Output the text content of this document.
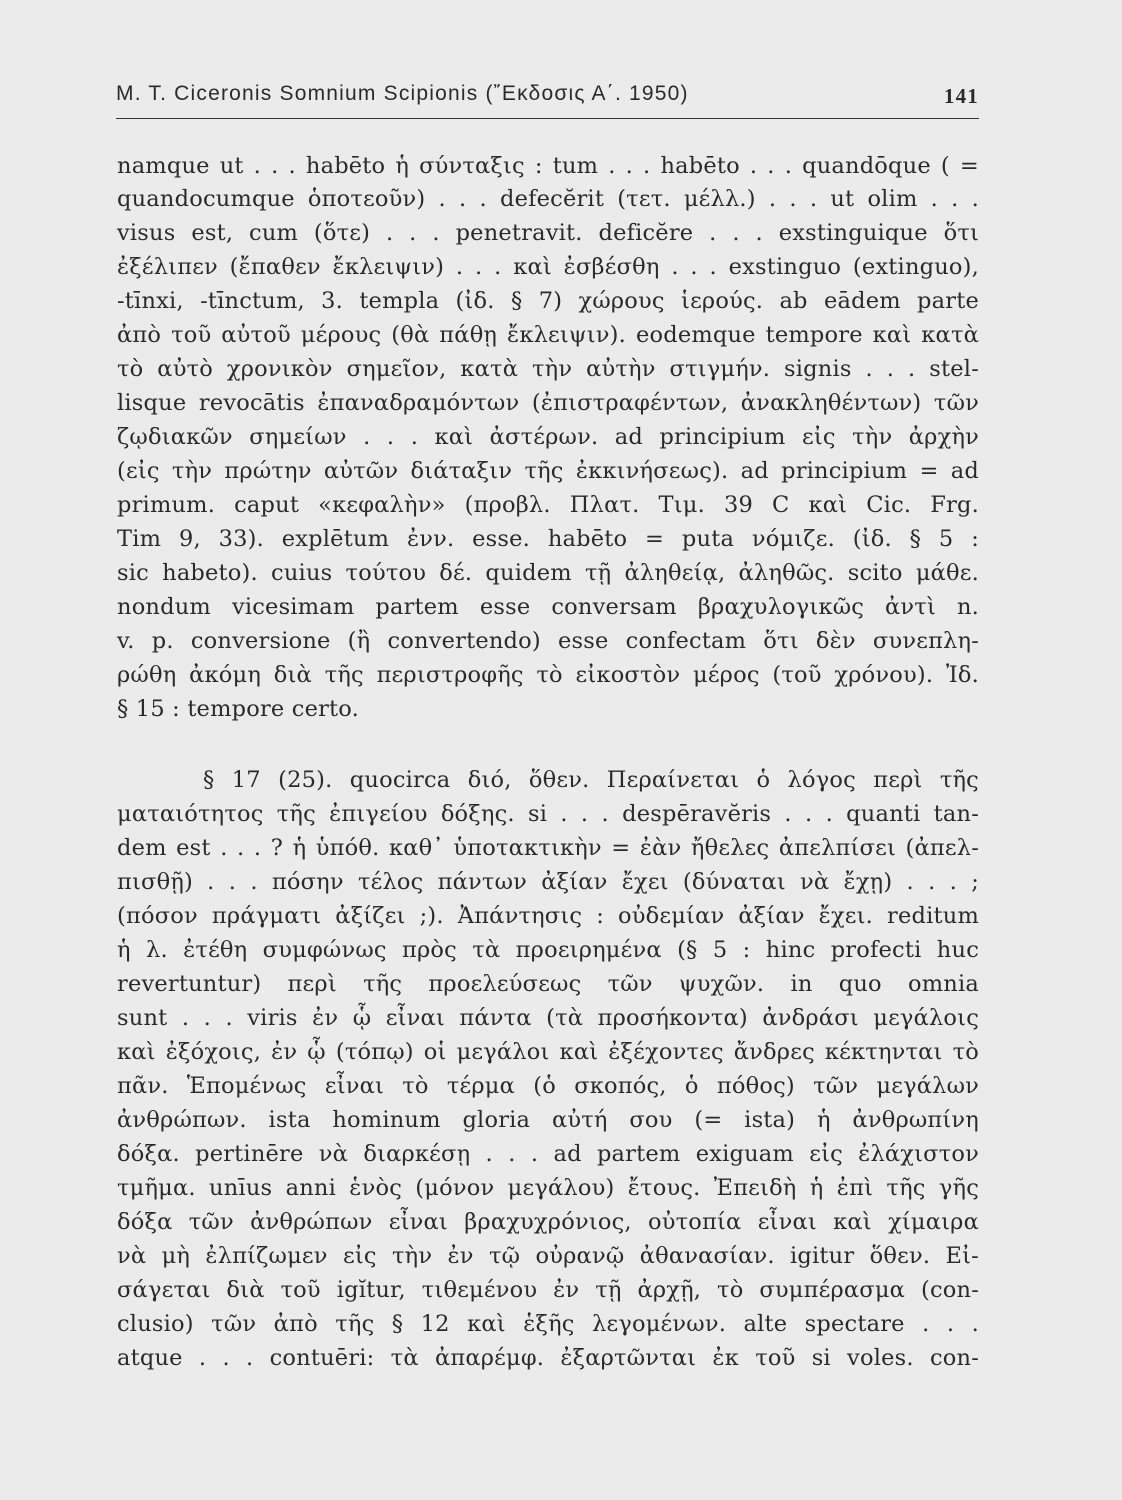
M. T. Ciceronis Somnium Scipionis (῎Εκδοσις Α΄. 1950)	141
namque ut . . . habēto ἡ σύνταξις : tum . . . habēto . . . quandōque ( =
quandocumque ὁποτεοῦν) . . . defecĕrit (τετ. μέλλ.) . . . ut olim . . .
visus est, cum (ὅτε) . . . penetravit. deficĕre . . . exstinguique ὅτι
ἐξέλιπεν (ἔπαθεν ἔκλειψιν) . . . καὶ ἐσβέσθη . . . exstinguo (extinguo),
-tīnxi, -tīnctum, 3. templa (ἰδ. § 7) χώρους ἱερούς. ab eādem parte
ἀπὸ τοῦ αὐτοῦ μέρους (θὰ πάθῃ ἔκλειψιν). eodemque tempore καὶ κατὰ
τὸ αὐτὸ χρονικὸν σημεῖον, κατὰ τὴν αὐτὴν στιγμήν. signis . . . stel-
lisque revocātis ἐπαναδραμόντων (ἐπιστραφέντων, ἀνακληθέντων) τῶν
ζῳδιακῶν σημείων . . . καὶ ἀστέρων. ad principium εἰς τὴν ἀρχὴν
(εἰς τὴν πρώτην αὐτῶν διάταξιν τῆς ἐκκινήσεως). ad principium = ad
primum. caput «κεφαλὴν» (προβλ. Πλατ. Τιμ. 39 C καὶ Cic. Frg.
Tim 9, 33). explētum ἐνν. esse. habēto = puta νόμιζε. (ἰδ. § 5 :
sic habeto). cuius τούτου δέ. quidem τῇ ἀληθείᾳ, ἀληθῶς. scito μάθε.
nondum vicesimam partem esse conversam βραχυλογικῶς ἀντὶ n.
v. p. conversione (ἢ convertendo) esse confectam ὅτι δὲν συνεπλη-
ρώθη ἀκόμη διὰ τῆς περιστροφῆς τὸ εἰκοστὸν μέρος (τοῦ χρόνου). Ἰδ.
§ 15 : tempore certo.
§ 17 (25). quocirca διό, ὅθεν. Περαίνεται ὁ λόγος περὶ τῆς
ματαιότητος τῆς ἐπιγείου δόξης. si . . . despēravĕris . . . quanti tan-
dem est . . . ? ἡ ὑπόθ. καθ᾽ ὑποτακτικὴν = ἐὰν ἤθελες ἀπελπίσει (ἀπελ-
πισθῇ) . . . πόσην τέλος πάντων ἀξίαν ἔχει (δύναται νὰ ἔχῃ) . . . ;
(πόσον πράγματι ἀξίζει ;). Ἀπάντησις : οὐδεμίαν ἀξίαν ἔχει. reditum
ἡ λ. ἐτέθη συμφώνως πρὸς τὰ προειρημένα (§ 5 : hinc profecti huc
revertuntur) περὶ τῆς προελεύσεως τῶν ψυχῶν. in quo omnia
sunt . . . viris ἐν ᾧ εἶναι πάντα (τὰ προσήκοντα) ἀνδράσι μεγάλοις
καὶ ἐξόχοις, ἐν ᾧ (τόπῳ) οἱ μεγάλοι καὶ ἐξέχοντες ἄνδρες κέκτηνται τὸ
πᾶν. Ἑπομένως εἶναι τὸ τέρμα (ὁ σκοπός, ὁ πόθος) τῶν μεγάλων
ἀνθρώπων. ista hominum gloria αὐτή σου (= ista) ἡ ἀνθρωπίνη
δόξα. pertinēre νὰ διαρκέσῃ . . . ad partem exiguam εἰς ἐλάχιστον
τμῆμα. unīus anni ἑνὸς (μόνον μεγάλου) ἔτους. Ἐπειδὴ ἡ ἐπὶ τῆς γῆς
δόξα τῶν ἀνθρώπων εἶναι βραχυχρόνιος, οὐτοπία εἶναι καὶ χίμαιρα
νὰ μὴ ἐλπίζωμεν εἰς τὴν ἐν τῷ οὐρανῷ ἀθανασίαν. igitur ὅθεν. Εἰ-
σάγεται διὰ τοῦ igĭtur, τιθεμένου ἐν τῇ ἀρχῇ, τὸ συμπέρασμα (con-
clusio) τῶν ἀπὸ τῆς § 12 καὶ ἑξῆς λεγομένων. alte spectare . . .
atque . . . contuēri: τὰ ἀπαρέμφ. ἐξαρτῶνται ἐκ τοῦ si voles. con-
